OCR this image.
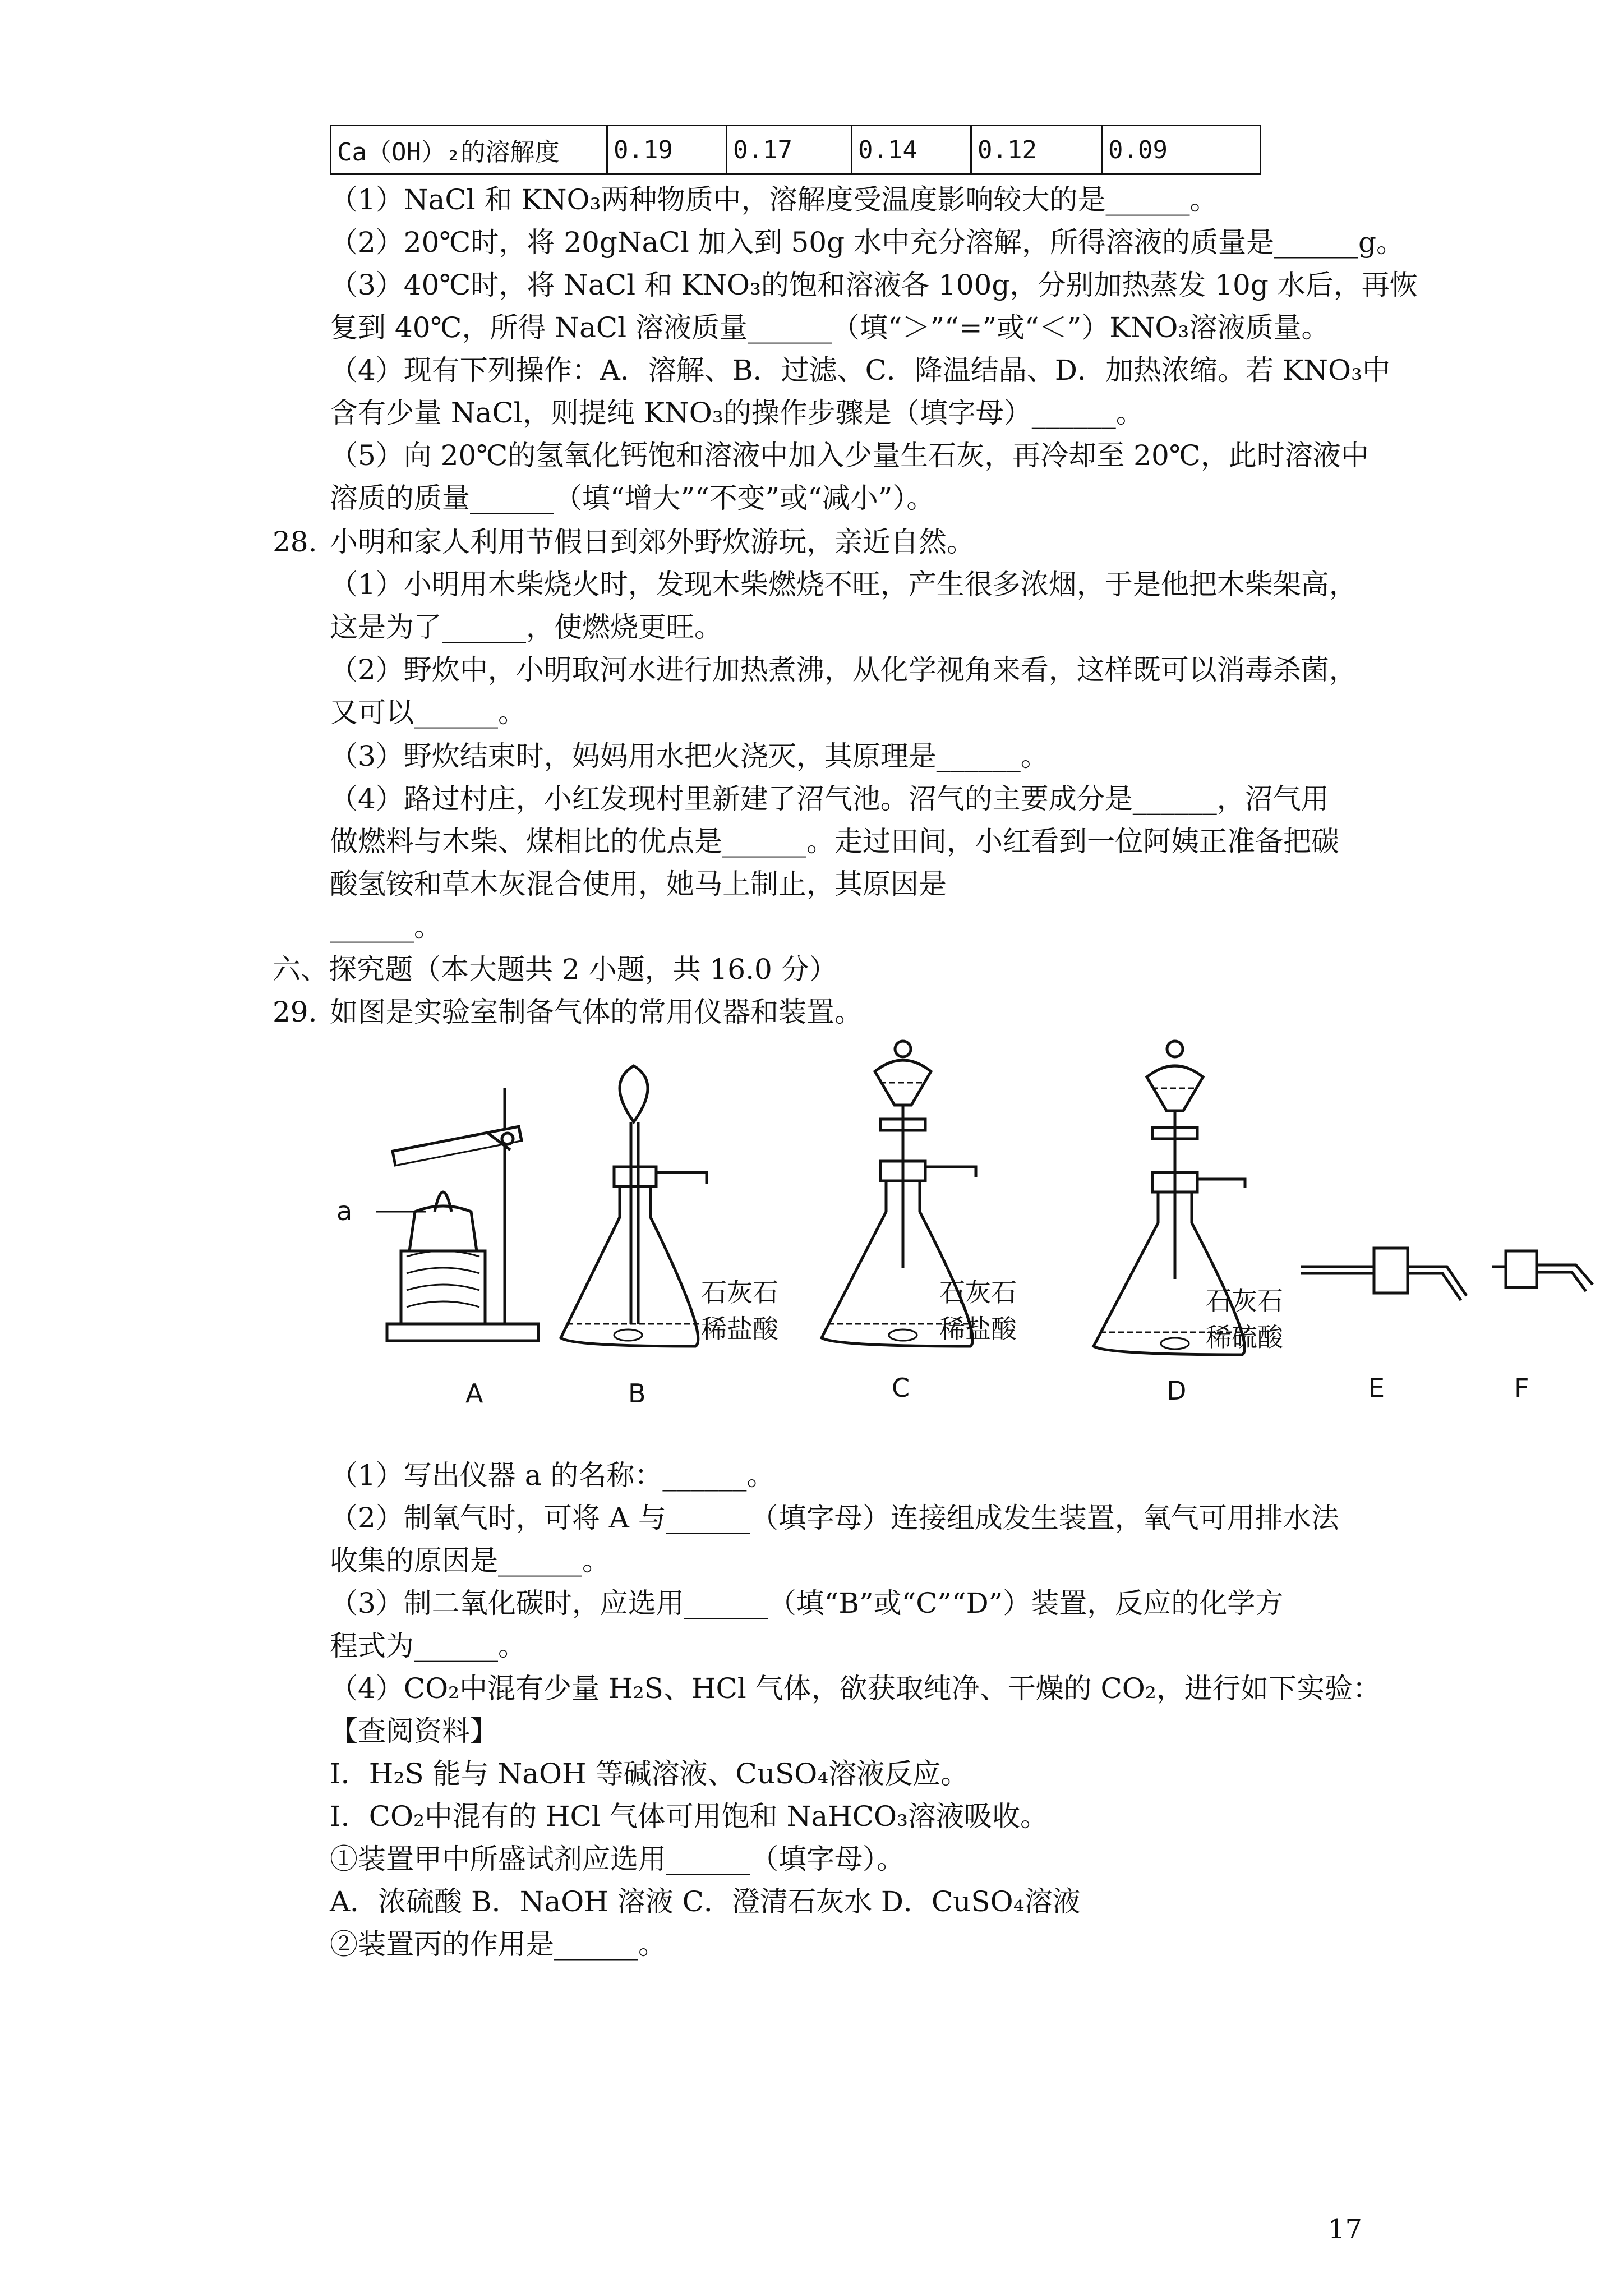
Ca（OH）₂的溶解度	0.19	0.17	0.14	0.12	0.09
（1）NaCl 和 KNO₃两种物质中，溶解度受温度影响较大的是______。
（2）20℃时，将 20gNaCl 加入到 50g 水中充分溶解，所得溶液的质量是______g。
（3）40℃时，将 NaCl 和 KNO₃的饱和溶液各 100g，分别加热蒸发 10g 水后，再恢
复到 40℃，所得 NaCl 溶液质量______（填“＞”“=”或“＜”）KNO₃溶液质量。
（4）现有下列操作：A．溶解、B．过滤、C．降温结晶、D．加热浓缩。若 KNO₃中
含有少量 NaCl，则提纯 KNO₃的操作步骤是（填字母）______。
（5）向 20℃的氢氧化钙饱和溶液中加入少量生石灰，再冷却至 20℃，此时溶液中
溶质的质量______（填“增大”“不变”或“减小”）。
28. 小明和家人利用节假日到郊外野炊游玩，亲近自然。
（1）小明用木柴烧火时，发现木柴燃烧不旺，产生很多浓烟，于是他把木柴架高，
这是为了______，使燃烧更旺。
（2）野炊中，小明取河水进行加热煮沸，从化学视角来看，这样既可以消毒杀菌，
又可以______。
（3）野炊结束时，妈妈用水把火浇灭，其原理是______。
（4）路过村庄，小红发现村里新建了沼气池。沼气的主要成分是______，沼气用
做燃料与木柴、煤相比的优点是______。走过田间，小红看到一位阿姨正准备把碳
酸氢铵和草木灰混合使用，她马上制止，其原因是
______。
六、探究题（本大题共 2 小题，共 16.0 分）
29. 如图是实验室制备气体的常用仪器和装置。
a
石灰石
稀盐酸
石灰石
稀盐酸
石灰石
稀硫酸
A	B	C	D	E	F
（1）写出仪器 a 的名称：______。
（2）制氧气时，可将 A 与______（填字母）连接组成发生装置，氧气可用排水法
收集的原因是______。
（3）制二氧化碳时，应选用______（填“B”或“C”“D”）装置，反应的化学方
程式为______。
（4）CO₂中混有少量 H₂S、HCl 气体，欲获取纯净、干燥的 CO₂，进行如下实验：
【查阅资料】
I．H₂S 能与 NaOH 等碱溶液、CuSO₄溶液反应。
I．CO₂中混有的 HCl 气体可用饱和 NaHCO₃溶液吸收。
①装置甲中所盛试剂应选用______（填字母）。
A．浓硫酸 B．NaOH 溶液 C．澄清石灰水 D．CuSO₄溶液
②装置丙的作用是______。
17
